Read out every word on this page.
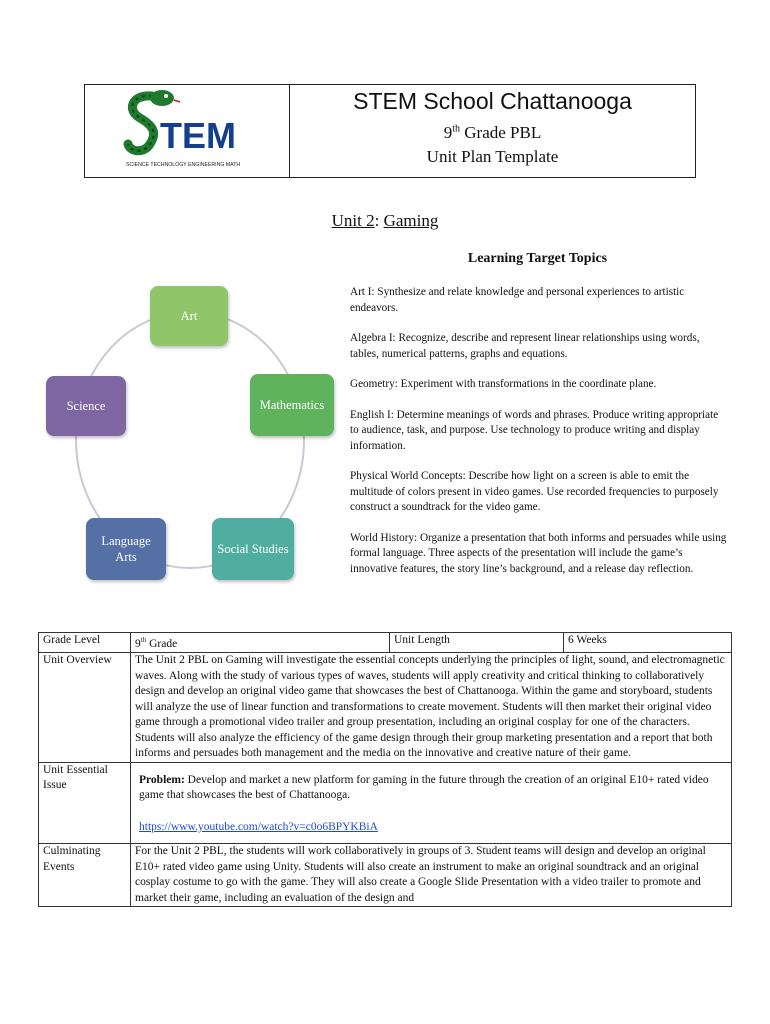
TEM
SCIENCE TECHNOLOGY ENGINEERING MATH
STEM School Chattanooga
9th Grade PBL
Unit Plan Template
Unit 2: Gaming
Art
Mathematics
Social Studies
Language Arts
Science
Learning Target Topics
Art I: Synthesize and relate knowledge and personal experiences to artistic endeavors.
Algebra I: Recognize, describe and represent linear relationships using words, tables, numerical patterns, graphs and equations.
Geometry: Experiment with transformations in the coordinate plane.
English I: Determine meanings of words and phrases. Produce writing appropriate to audience, task, and purpose. Use technology to produce writing and display information.
Physical World Concepts: Describe how light on a screen is able to emit the multitude of colors present in video games. Use recorded frequencies to purposely construct a soundtrack for the video game.
World History: Organize a presentation that both informs and persuades while using formal language. Three aspects of the presentation will include the game’s innovative features, the story line’s background, and a release day reflection.
Grade Level	9th Grade	Unit Length	6 Weeks
Unit Overview	The Unit 2 PBL on Gaming will investigate the essential concepts underlying the principles of light, sound, and electromagnetic waves. Along with the study of various types of waves, students will apply creativity and critical thinking to collaboratively design and develop an original video game that showcases the best of Chattanooga. Within the game and storyboard, students will analyze the use of linear function and transformations to create movement. Students will then market their original video game through a promotional video trailer and group presentation, including an original cosplay for one of the characters. Students will also analyze the efficiency of the game design through their group marketing presentation and a report that both informs and persuades both management and the media on the innovative and creative nature of their game.		
Unit Essential Issue	Problem: Develop and market a new platform for gaming in the future through the creation of an original E10+ rated video game that showcases the best of Chattanooga.
https://www.youtube.com/watch?v=c0o6BPYKBiA		

Culminating Events	For the Unit 2 PBL, the students will work collaboratively in groups of 3. Student teams will design and develop an original E10+ rated video game using Unity. Students will also create an instrument to make an original soundtrack and an original cosplay costume to go with the game. They will also create a Google Slide Presentation with a video trailer to promote and market their game, including an evaluation of the design and		
